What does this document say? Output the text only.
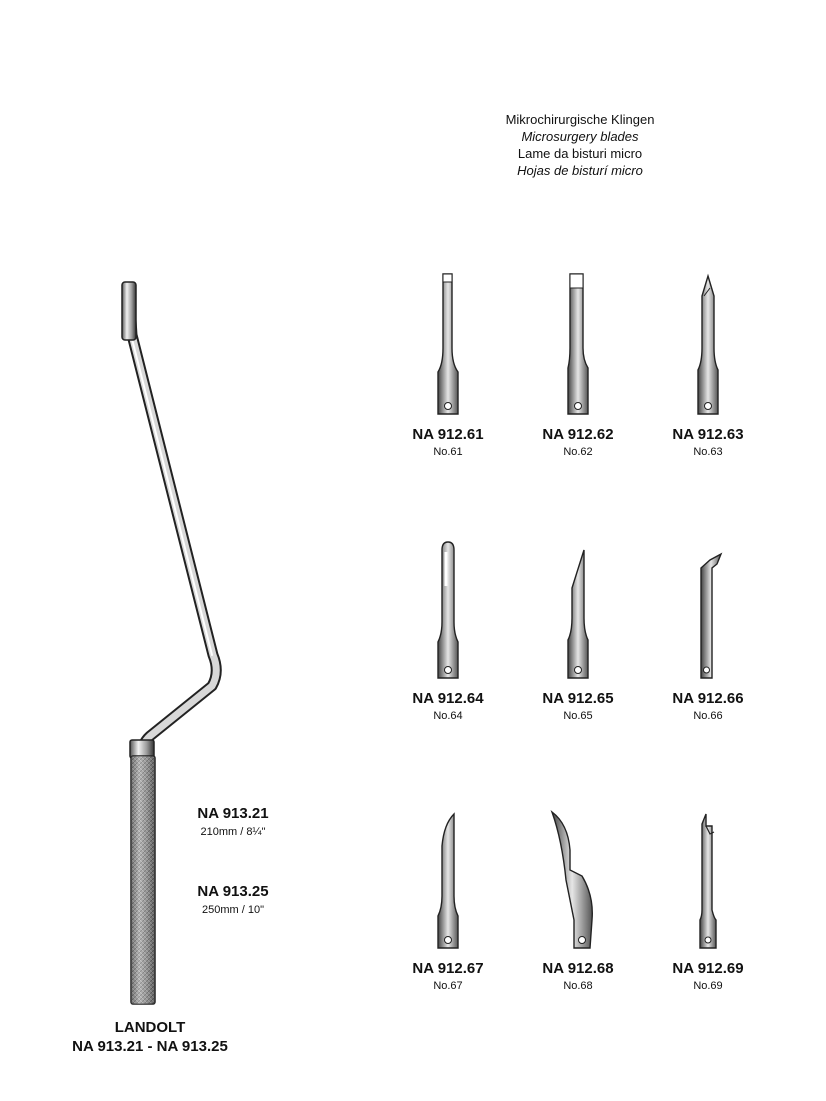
Mikrochirurgische Klingen
Microsurgery blades
Lame da bisturi micro
Hojas de bisturí micro
NA 913.21
210mm / 8¼"
NA 913.25
250mm / 10"
NA 912.61
No.61
NA 912.62
No.62
NA 912.63
No.63
NA 912.64
No.64
NA 912.65
No.65
NA 912.66
No.66
NA 912.67
No.67
NA 912.68
No.68
NA 912.69
No.69
LANDOLT
NA 913.21 - NA 913.25
